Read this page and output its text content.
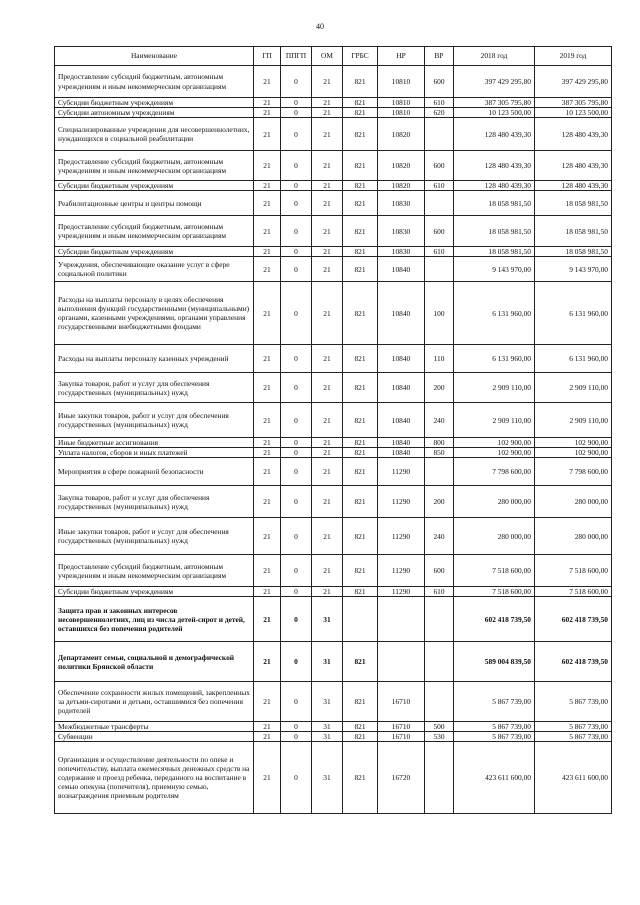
40
Наименование	ГП	ППГП	ОМ	ГРБС	НР	ВР	2018 год	2019 год
Предоставление субсидий бюджетным, автономным учреждениям и иным некоммерческим организациям	21	0	21	821	10810	600	397 429 295,80	397 429 295,80
Субсидии бюджетным учреждениям	21	0	21	821	10810	610	387 305 795,80	387 305 795,80
Субсидии автономным учреждениям	21	0	21	821	10810	620	10 123 500,00	10 123 500,00
Специализированные учреждения для несовершеннолетних, нуждающихся в социальной реабилитации	21	0	21	821	10820		128 480 439,30	128 480 439,30
Предоставление субсидий бюджетным, автономным учреждениям и иным некоммерческим организациям	21	0	21	821	10820	600	128 480 439,30	128 480 439,30
Субсидии бюджетным учреждениям	21	0	21	821	10820	610	128 480 439,30	128 480 439,30
Реабилитационные центры и центры помощи	21	0	21	821	10830		18 058 981,50	18 058 981,50
Предоставление субсидий бюджетным, автономным учреждениям и иным некоммерческим организациям	21	0	21	821	10830	600	18 058 981,50	18 058 981,50
Субсидии бюджетным учреждениям	21	0	21	821	10830	610	18 058 981,50	18 058 981,50
Учреждения, обеспечивающие оказание услуг в сфере социальной политики	21	0	21	821	10840		9 143 970,00	9 143 970,00
Расходы на выплаты персоналу в целях обеспечения выполнения функций государственными (муниципальными) органами, казенными учреждениями, органами управления государственными внебюджетными фондами	21	0	21	821	10840	100	6 131 960,00	6 131 960,00
Расходы на выплаты персоналу казенных учреждений	21	0	21	821	10840	110	6 131 960,00	6 131 960,00
Закупка товаров, работ и услуг для обеспечения государственных (муниципальных) нужд	21	0	21	821	10840	200	2 909 110,00	2 909 110,00
Иные закупки товаров, работ и услуг для обеспечения государственных (муниципальных) нужд	21	0	21	821	10840	240	2 909 110,00	2 909 110,00
Иные бюджетные ассигнования	21	0	21	821	10840	800	102 900,00	102 900,00
Уплата налогов, сборов и иных платежей	21	0	21	821	10840	850	102 900,00	102 900,00
Мероприятия в сфере пожарной безопасности	21	0	21	821	11290		7 798 600,00	7 798 600,00
Закупка товаров, работ и услуг для обеспечения государственных (муниципальных) нужд	21	0	21	821	11290	200	280 000,00	280 000,00
Иные закупки товаров, работ и услуг для обеспечения государственных (муниципальных) нужд	21	0	21	821	11290	240	280 000,00	280 000,00
Предоставление субсидий бюджетным, автономным учреждениям и иным некоммерческим организациям	21	0	21	821	11290	600	7 518 600,00	7 518 600,00
Субсидии бюджетным учреждениям	21	0	21	821	11290	610	7 518 600,00	7 518 600,00
Защита прав и законных интересов несовершеннолетних, лиц из числа детей-сирот и детей, оставшихся без попечения родителей	21	0	31				602 418 739,50	602 418 739,50
Департамент семьи, социальной и демографической политики Брянской области	21	0	31	821			589 004 839,50	602 418 739,50
Обеспечение сохранности жилых помещений, закрепленных за детьми-сиротами и детьми, оставшимися без попечения родителей	21	0	31	821	16710		5 867 739,00	5 867 739,00
Межбюджетные трансферты	21	0	31	821	16710	500	5 867 739,00	5 867 739,00
Субвенции	21	0	31	821	16710	530	5 867 739,00	5 867 739,00
Организация и осуществление деятельности по опеке и попечительству, выплата ежемесячных денежных средств на содержание и проезд ребенка, переданного на воспитание в семью опекуна (попечителя), приемную семью, вознаграждения приемным родителям	21	0	31	821	16720		423 611 600,00	423 611 600,00
